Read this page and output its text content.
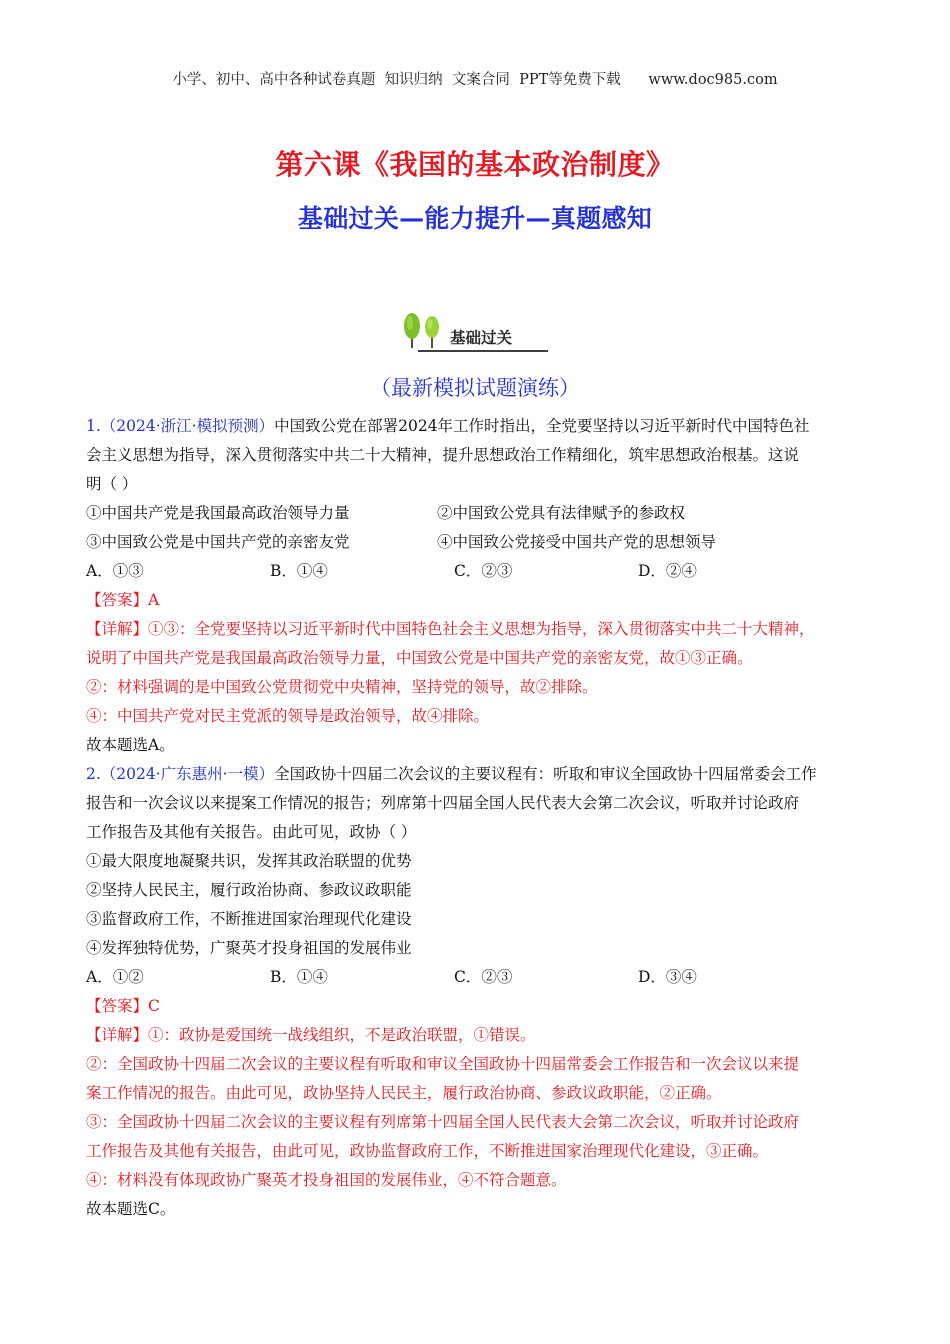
小学、初中、高中各种试卷真题  知识归纳  文案合同  PPT等免费下载 www.doc985.com
第六课《我国的基本政治制度》
基础过关—能力提升—真题感知
基础过关
（最新模拟试题演练）
1.（2024·浙江·模拟预测）中国致公党在部署2024年工作时指出，全党要坚持以习近平新时代中国特色社
会主义思想为指导，深入贯彻落实中共二十大精神，提升思想政治工作精细化，筑牢思想政治根基。这说
明（ ）
①中国共产党是我国最高政治领导力量	②中国致公党具有法律赋予的参政权
③中国致公党是中国共产党的亲密友党	④中国致公党接受中国共产党的思想领导
A．①③	B．①④	C．②③	D．②④
【答案】A
【详解】①③：全党要坚持以习近平新时代中国特色社会主义思想为指导，深入贯彻落实中共二十大精神，
说明了中国共产党是我国最高政治领导力量，中国致公党是中国共产党的亲密友党，故①③正确。
②：材料强调的是中国致公党贯彻党中央精神，坚持党的领导，故②排除。
④：中国共产党对民主党派的领导是政治领导，故④排除。
故本题选A。
2.（2024·广东惠州·一模）全国政协十四届二次会议的主要议程有：听取和审议全国政协十四届常委会工作
报告和一次会议以来提案工作情况的报告；列席第十四届全国人民代表大会第二次会议，听取并讨论政府
工作报告及其他有关报告。由此可见，政协（ ）
①最大限度地凝聚共识，发挥其政治联盟的优势
②坚持人民民主，履行政治协商、参政议政职能
③监督政府工作，不断推进国家治理现代化建设
④发挥独特优势，广聚英才投身祖国的发展伟业
A．①②	B．①④	C．②③	D．③④
【答案】C
【详解】①：政协是爱国统一战线组织，不是政治联盟，①错误。
②：全国政协十四届二次会议的主要议程有听取和审议全国政协十四届常委会工作报告和一次会议以来提
案工作情况的报告。由此可见，政协坚持人民民主，履行政治协商、参政议政职能，②正确。
③：全国政协十四届二次会议的主要议程有列席第十四届全国人民代表大会第二次会议，听取并讨论政府
工作报告及其他有关报告，由此可见，政协监督政府工作，不断推进国家治理现代化建设，③正确。
④：材料没有体现政协广聚英才投身祖国的发展伟业，④不符合题意。
故本题选C。
